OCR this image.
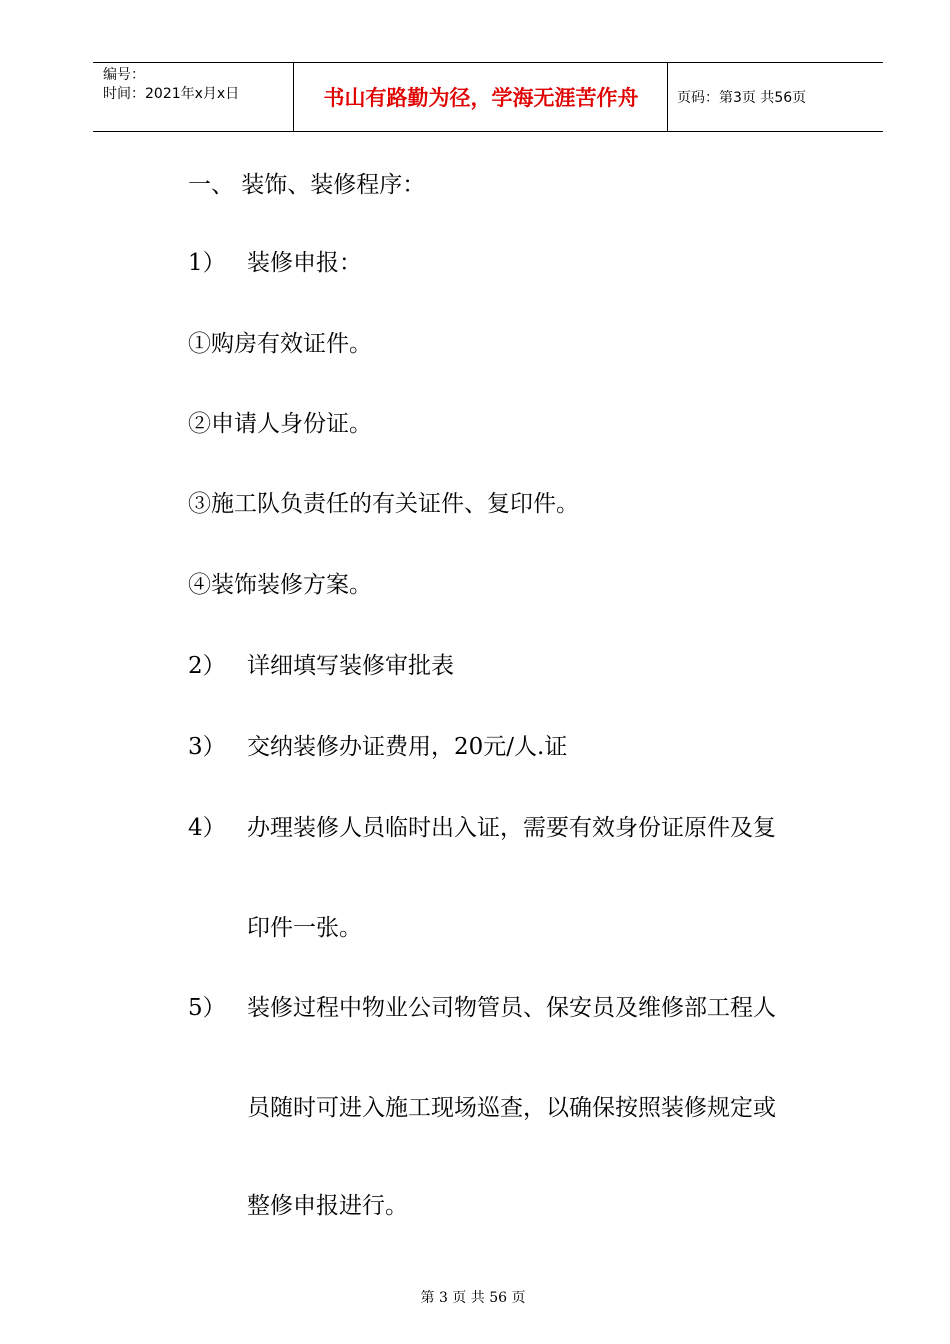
编号：
时间：2021年x月x日	书山有路勤为径，学海无涯苦作舟	页码：第3页 共56页
一、 装饰、装修程序：
1） 装修申报：
①购房有效证件。
②申请人身份证。
③施工队负责任的有关证件、复印件。
④装饰装修方案。
2） 详细填写装修审批表
3） 交纳装修办证费用，20元/人.证
4） 办理装修人员临时出入证，需要有效身份证原件及复
印件一张。
5） 装修过程中物业公司物管员、保安员及维修部工程人
员随时可进入施工现场巡查，以确保按照装修规定或
整修申报进行。
第 3 页 共 56 页
